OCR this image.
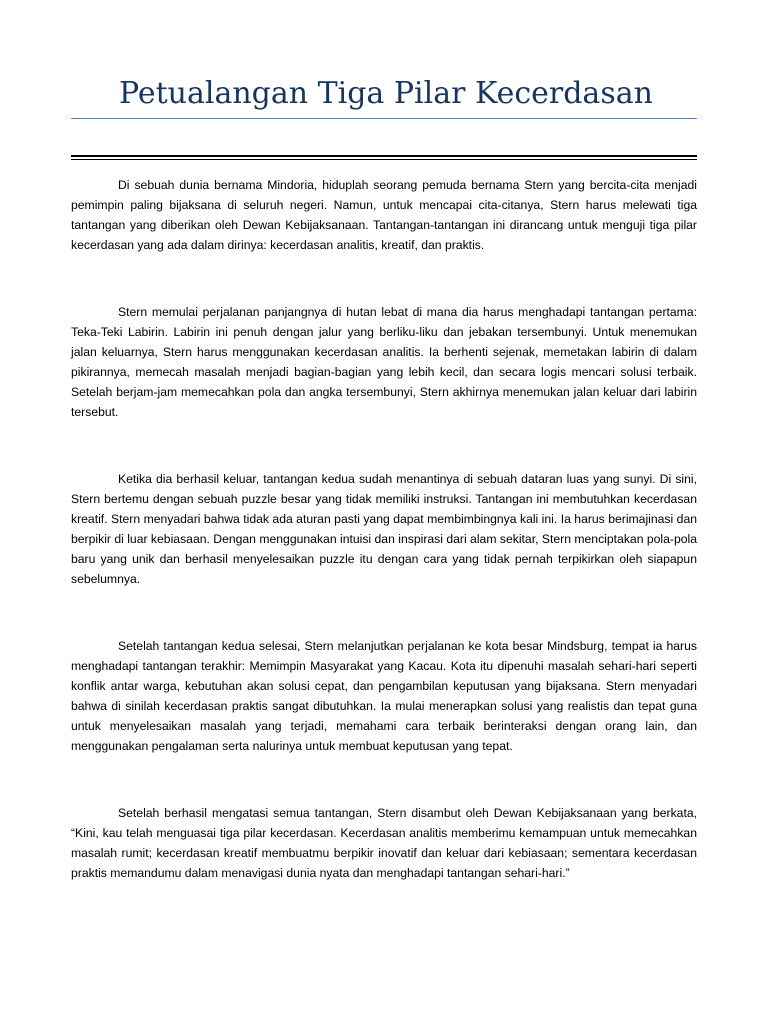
Petualangan Tiga Pilar Kecerdasan

Di sebuah dunia bernama Mindoria, hiduplah seorang pemuda bernama Stern yang bercita-cita menjadi pemimpin paling bijaksana di seluruh negeri. Namun, untuk mencapai cita-citanya, Stern harus melewati tiga tantangan yang diberikan oleh Dewan Kebijaksanaan. Tantangan-tantangan ini dirancang untuk menguji tiga pilar kecerdasan yang ada dalam dirinya: kecerdasan analitis, kreatif, dan praktis.

Stern memulai perjalanan panjangnya di hutan lebat di mana dia harus menghadapi tantangan pertama: Teka-Teki Labirin. Labirin ini penuh dengan jalur yang berliku-liku dan jebakan tersembunyi. Untuk menemukan jalan keluarnya, Stern harus menggunakan kecerdasan analitis. Ia berhenti sejenak, memetakan labirin di dalam pikirannya, memecah masalah menjadi bagian-bagian yang lebih kecil, dan secara logis mencari solusi terbaik. Setelah berjam-jam memecahkan pola dan angka tersembunyi, Stern akhirnya menemukan jalan keluar dari labirin tersebut.

Ketika dia berhasil keluar, tantangan kedua sudah menantinya di sebuah dataran luas yang sunyi. Di sini, Stern bertemu dengan sebuah puzzle besar yang tidak memiliki instruksi. Tantangan ini membutuhkan kecerdasan kreatif. Stern menyadari bahwa tidak ada aturan pasti yang dapat membimbingnya kali ini. Ia harus berimajinasi dan berpikir di luar kebiasaan. Dengan menggunakan intuisi dan inspirasi dari alam sekitar, Stern menciptakan pola-pola baru yang unik dan berhasil menyelesaikan puzzle itu dengan cara yang tidak pernah terpikirkan oleh siapapun sebelumnya.

Setelah tantangan kedua selesai, Stern melanjutkan perjalanan ke kota besar Mindsburg, tempat ia harus menghadapi tantangan terakhir: Memimpin Masyarakat yang Kacau. Kota itu dipenuhi masalah sehari-hari seperti konflik antar warga, kebutuhan akan solusi cepat, dan pengambilan keputusan yang bijaksana. Stern menyadari bahwa di sinilah kecerdasan praktis sangat dibutuhkan. Ia mulai menerapkan solusi yang realistis dan tepat guna untuk menyelesaikan masalah yang terjadi, memahami cara terbaik berinteraksi dengan orang lain, dan menggunakan pengalaman serta nalurinya untuk membuat keputusan yang tepat.

Setelah berhasil mengatasi semua tantangan, Stern disambut oleh Dewan Kebijaksanaan yang berkata, “Kini, kau telah menguasai tiga pilar kecerdasan. Kecerdasan analitis memberimu kemampuan untuk memecahkan masalah rumit; kecerdasan kreatif membuatmu berpikir inovatif dan keluar dari kebiasaan; sementara kecerdasan praktis memandumu dalam menavigasi dunia nyata dan menghadapi tantangan sehari-hari.”
